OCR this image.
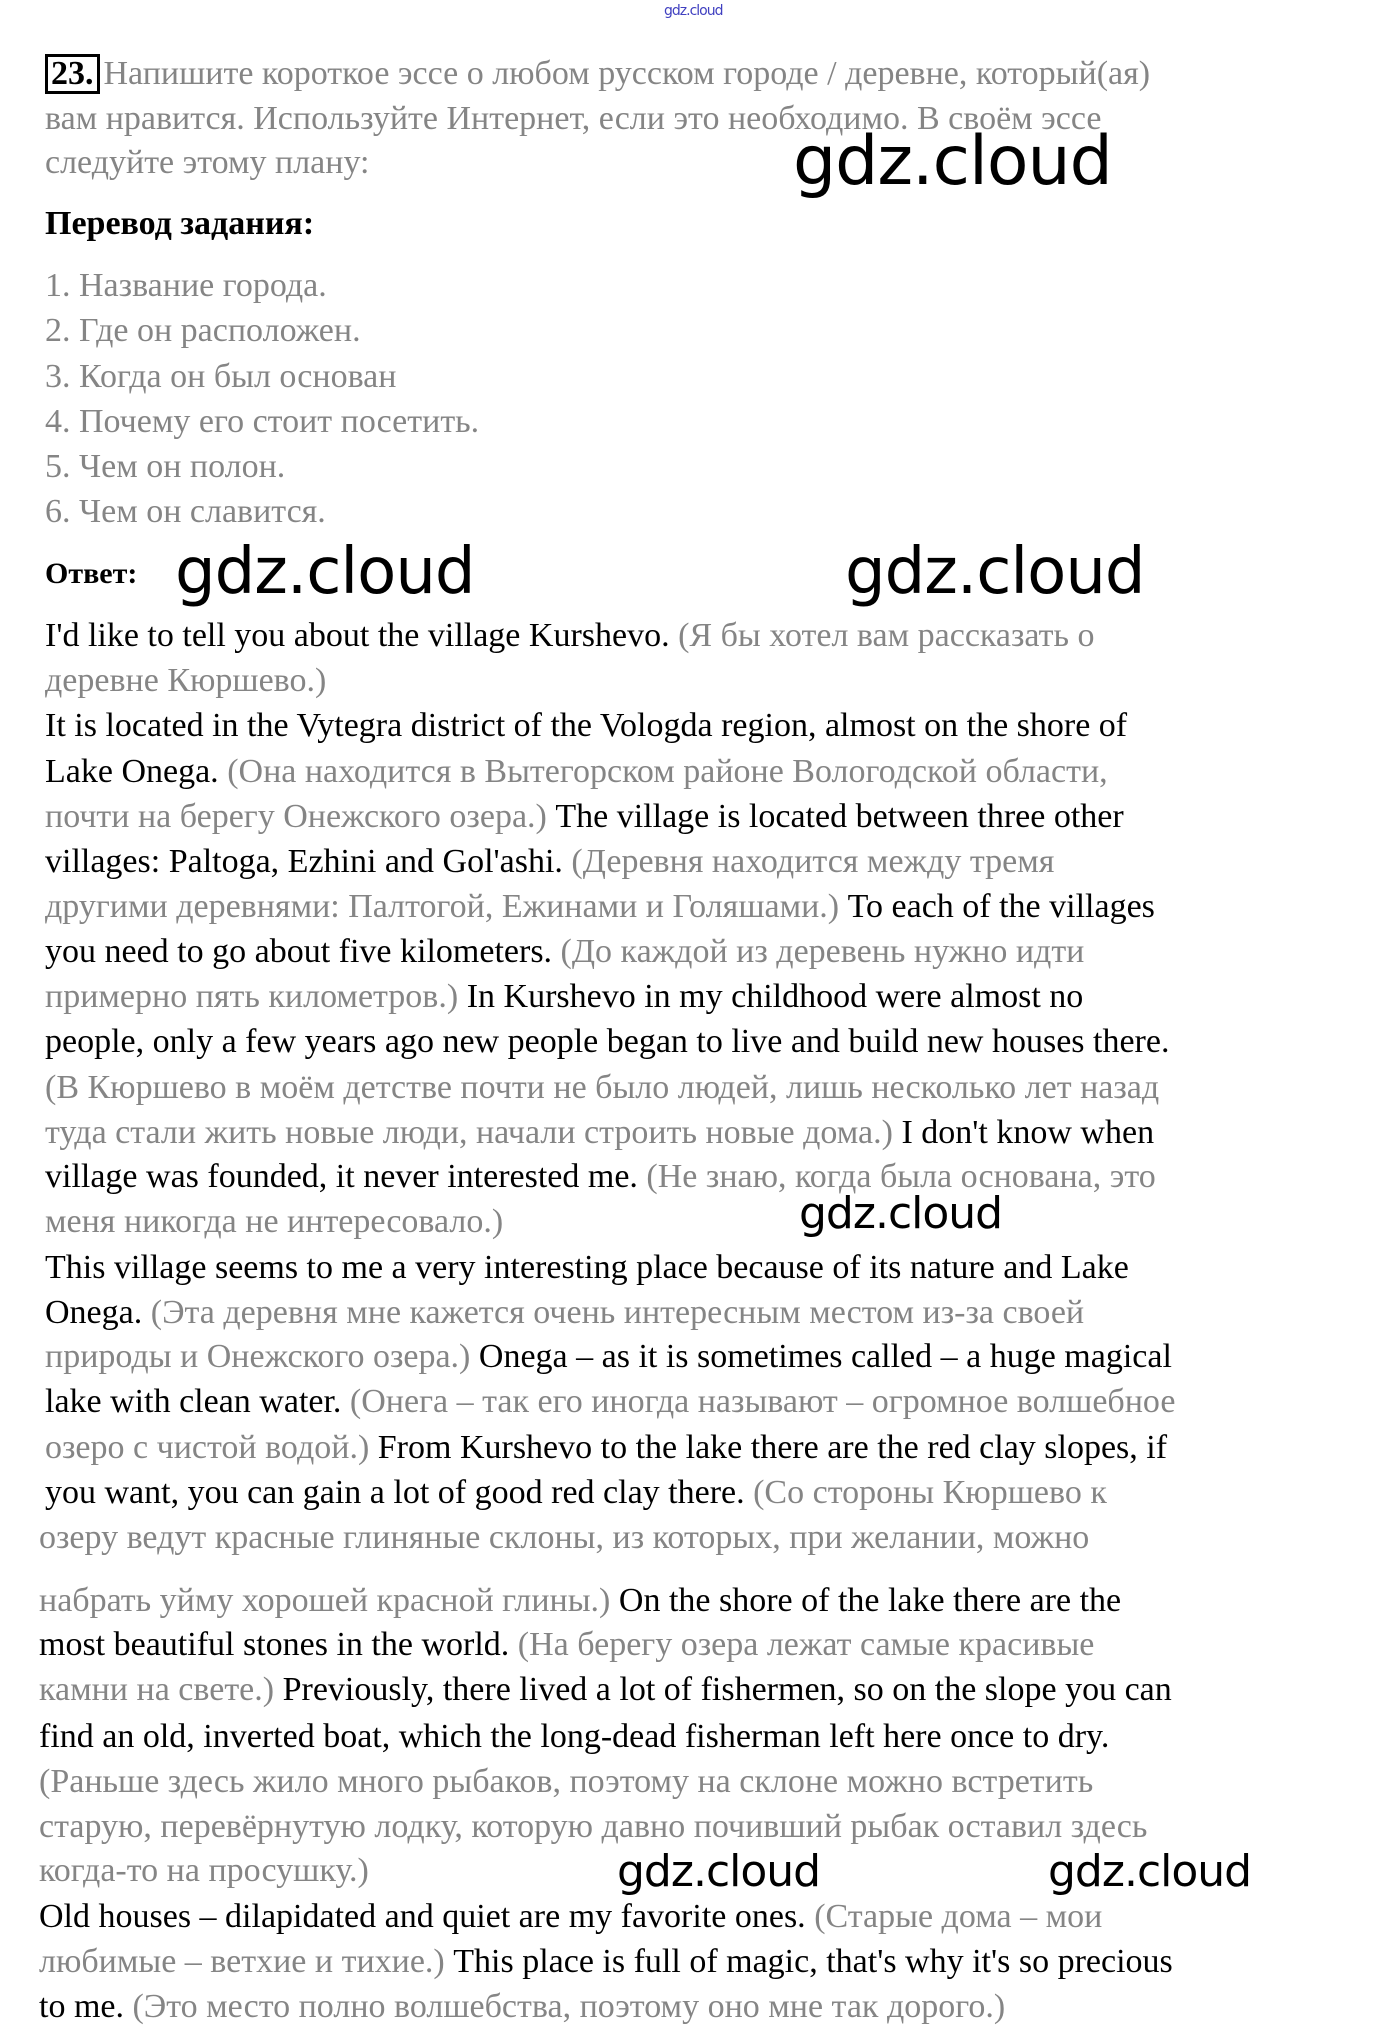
gdz.cloud
23. Напишите короткое эссе о любом русском городе / деревне, который(ая)
вам нравится. Используйте Интернет, если это необходимо. В своём эссе
следуйте этому плану:
Перевод задания:
1. Название города.
2. Где он расположен.
3. Когда он был основан
4. Почему его стоит посетить.
5. Чем он полон.
6. Чем он славится.
Ответ:
I'd like to tell you about the village Kurshevo. (Я бы хотел вам рассказать о
деревне Кюршево.)
It is located in the Vytegra district of the Vologda region, almost on the shore of
Lake Onega. (Она находится в Вытегорском районе Вологодской области,
почти на берегу Онежского озера.) The village is located between three other
villages: Paltoga, Ezhini and Gol'ashi. (Деревня находится между тремя
другими деревнями: Палтогой, Ежинами и Голяшами.) To each of the villages
you need to go about five kilometers. (До каждой из деревень нужно идти
примерно пять километров.) In Kurshevo in my childhood were almost no
people, only a few years ago new people began to live and build new houses there.
(В Кюршево в моём детстве почти не было людей, лишь несколько лет назад
туда стали жить новые люди, начали строить новые дома.) I don't know when
village was founded, it never interested me. (Не знаю, когда была основана, это
меня никогда не интересовало.)
This village seems to me a very interesting place because of its nature and Lake
Onega. (Эта деревня мне кажется очень интересным местом из-за своей
природы и Онежского озера.) Onega – as it is sometimes called – a huge magical
lake with clean water. (Онега – так его иногда называют – огромное волшебное
озеро с чистой водой.) From Kurshevo to the lake there are the red clay slopes, if
you want, you can gain a lot of good red clay there. (Со стороны Кюршево к
озеру ведут красные глиняные склоны, из которых, при желании, можно
набрать уйму хорошей красной глины.) On the shore of the lake there are the
most beautiful stones in the world. (На берегу озера лежат самые красивые
камни на свете.) Previously, there lived a lot of fishermen, so on the slope you can
find an old, inverted boat, which the long-dead fisherman left here once to dry.
(Раньше здесь жило много рыбаков, поэтому на склоне можно встретить
старую, перевёрнутую лодку, которую давно почивший рыбак оставил здесь
когда-то на просушку.)
Old houses – dilapidated and quiet are my favorite ones. (Старые дома – мои
любимые – ветхие и тихие.) This place is full of magic, that's why it's so precious
to me. (Это место полно волшебства, поэтому оно мне так дорого.)
gdz.cloud
gdz.cloud	gdz.cloud
gdz.cloud
gdz.cloud	gdz.cloud
